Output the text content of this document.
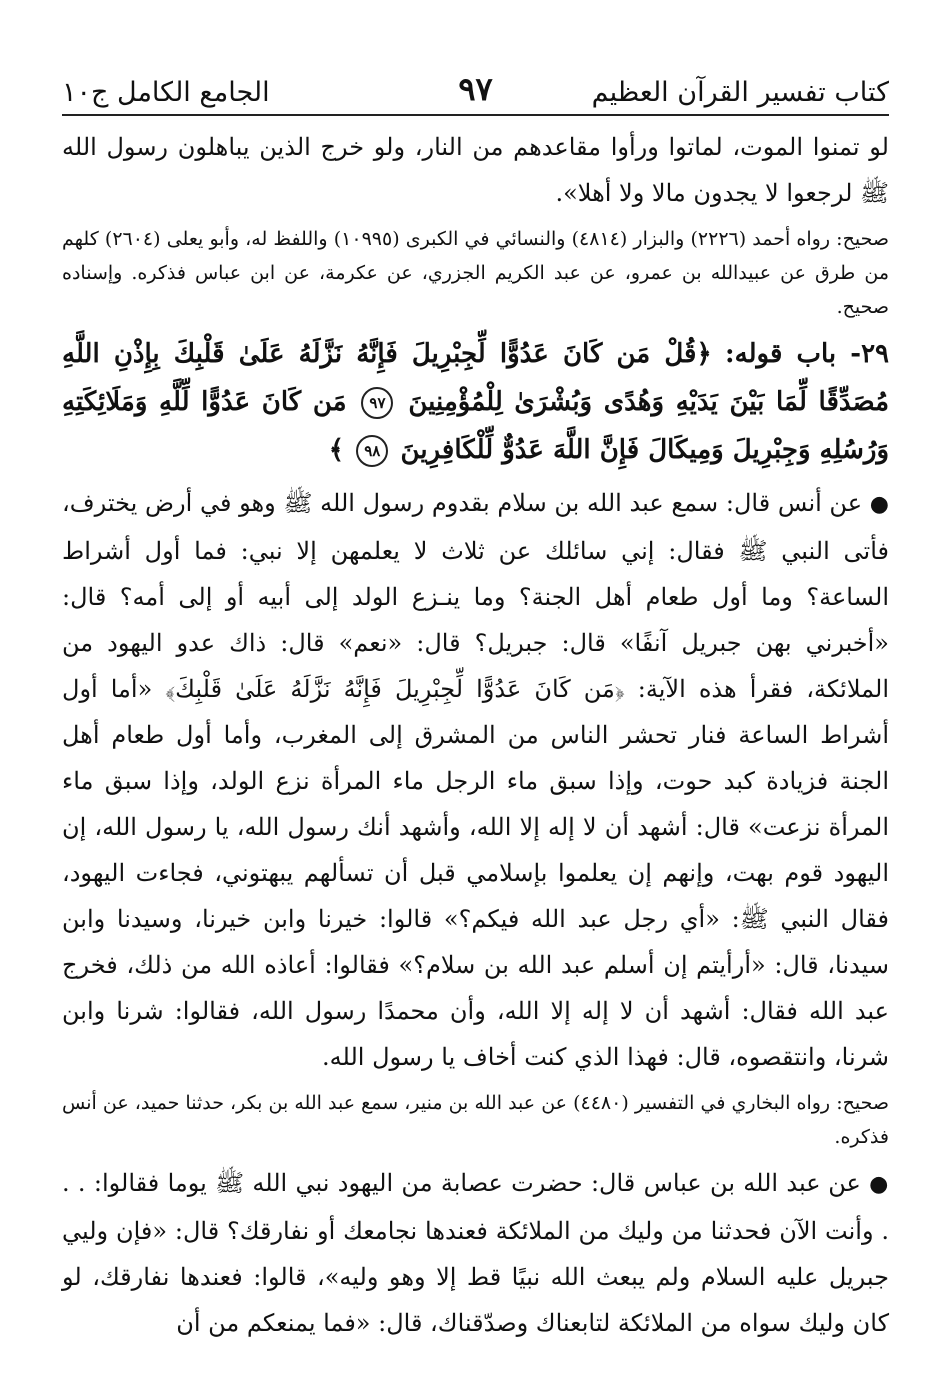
كتاب تفسير القرآن العظيم
٩٧
الجامع الكامل ج١٠

لو تمنوا الموت، لماتوا ورأوا مقاعدهم من النار، ولو خرج الذين يباهلون رسول الله ﷺ لرجعوا لا يجدون مالا ولا أهلا».

صحيح: رواه أحمد (٢٢٢٦) والبزار (٤٨١٤) والنسائي في الكبرى (١٠٩٩٥) واللفظ له، وأبو يعلى (٢٦٠٤) كلهم من طرق عن عبيدالله بن عمرو، عن عبد الكريم الجزري، عن عكرمة، عن ابن عباس فذكره. وإسناده صحيح.

٢٩- باب قوله: ﴿قُلْ مَن كَانَ عَدُوًّا لِّجِبْرِيلَ فَإِنَّهُ نَزَّلَهُ عَلَىٰ قَلْبِكَ بِإِذْنِ اللَّهِ مُصَدِّقًا لِّمَا بَيْنَ يَدَيْهِ وَهُدًى وَبُشْرَىٰ لِلْمُؤْمِنِينَ ٩٧ مَن كَانَ عَدُوًّا لِّلَّهِ وَمَلَائِكَتِهِ وَرُسُلِهِ وَجِبْرِيلَ وَمِيكَالَ فَإِنَّ اللَّهَ عَدُوٌّ لِّلْكَافِرِينَ ٩٨ ﴾

● عن أنس قال: سمع عبد الله بن سلام بقدوم رسول الله ﷺ وهو في أرض يخترف، فأتى النبي ﷺ فقال: إني سائلك عن ثلاث لا يعلمهن إلا نبي: فما أول أشراط الساعة؟ وما أول طعام أهل الجنة؟ وما ينـزع الولد إلى أبيه أو إلى أمه؟ قال: «أخبرني بهن جبريل آنفًا» قال: جبريل؟ قال: «نعم» قال: ذاك عدو اليهود من الملائكة، فقرأ هذه الآية: ﴿مَن كَانَ عَدُوًّا لِّجِبْرِيلَ فَإِنَّهُ نَزَّلَهُ عَلَىٰ قَلْبِكَ﴾ «أما أول أشراط الساعة فنار تحشر الناس من المشرق إلى المغرب، وأما أول طعام أهل الجنة فزيادة كبد حوت، وإذا سبق ماء الرجل ماء المرأة نزع الولد، وإذا سبق ماء المرأة نزعت» قال: أشهد أن لا إله إلا الله، وأشهد أنك رسول الله، يا رسول الله، إن اليهود قوم بهت، وإنهم إن يعلموا بإسلامي قبل أن تسألهم يبهتوني، فجاءت اليهود، فقال النبي ﷺ: «أي رجل عبد الله فيكم؟» قالوا: خيرنا وابن خيرنا، وسيدنا وابن سيدنا، قال: «أرأيتم إن أسلم عبد الله بن سلام؟» فقالوا: أعاذه الله من ذلك، فخرج عبد الله فقال: أشهد أن لا إله إلا الله، وأن محمدًا رسول الله، فقالوا: شرنا وابن شرنا، وانتقصوه، قال: فهذا الذي كنت أخاف يا رسول الله.

صحيح: رواه البخاري في التفسير (٤٤٨٠) عن عبد الله بن منير، سمع عبد الله بن بكر، حدثنا حميد، عن أنس فذكره.

● عن عبد الله بن عباس قال: حضرت عصابة من اليهود نبي الله ﷺ يوما فقالوا: . . . وأنت الآن فحدثنا من وليك من الملائكة فعندها نجامعك أو نفارقك؟ قال: «فإن وليي جبريل عليه السلام ولم يبعث الله نبيًا قط إلا وهو وليه»، قالوا: فعندها نفارقك، لو كان وليك سواه من الملائكة لتابعناك وصدّقناك، قال: «فما يمنعكم من أن
